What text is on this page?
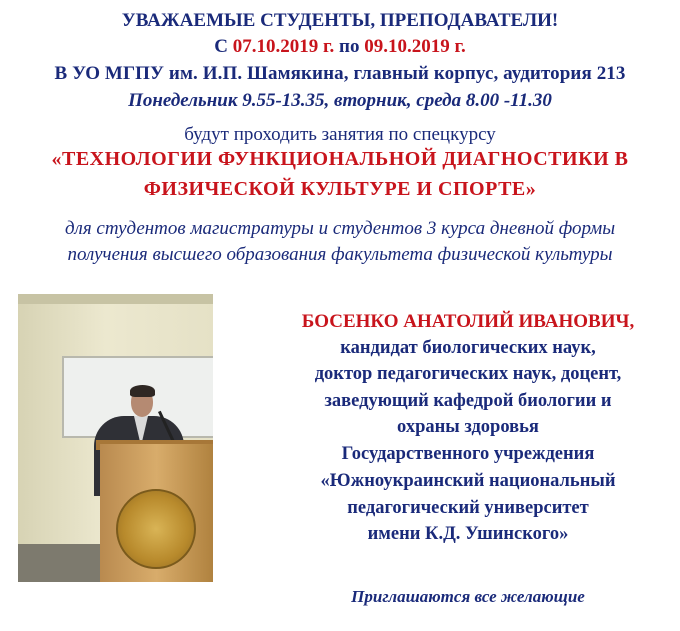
УВАЖАЕМЫЕ СТУДЕНТЫ, ПРЕПОДАВАТЕЛИ!
С 07.10.2019 г. по 09.10.2019 г.
В УО МГПУ им. И.П. Шамякина, главный корпус, аудитория 213
Понедельник 9.55-13.35, вторник, среда 8.00 -11.30
будут проходить занятия по спецкурсу
«ТЕХНОЛОГИИ ФУНКЦИОНАЛЬНОЙ ДИАГНОСТИКИ В
ФИЗИЧЕСКОЙ КУЛЬТУРЕ И СПОРТЕ»
для студентов магистратуры и студентов 3 курса дневной формы
получения высшего образования факультета физической культуры
БОСЕНКО АНАТОЛИЙ ИВАНОВИЧ,
кандидат биологических наук,
доктор педагогических наук, доцент,
заведующий кафедрой биологии и
охраны здоровья
Государственного учреждения
«Южноукраинский национальный
педагогический университет
имени К.Д. Ушинского»
Приглашаются все желающие
